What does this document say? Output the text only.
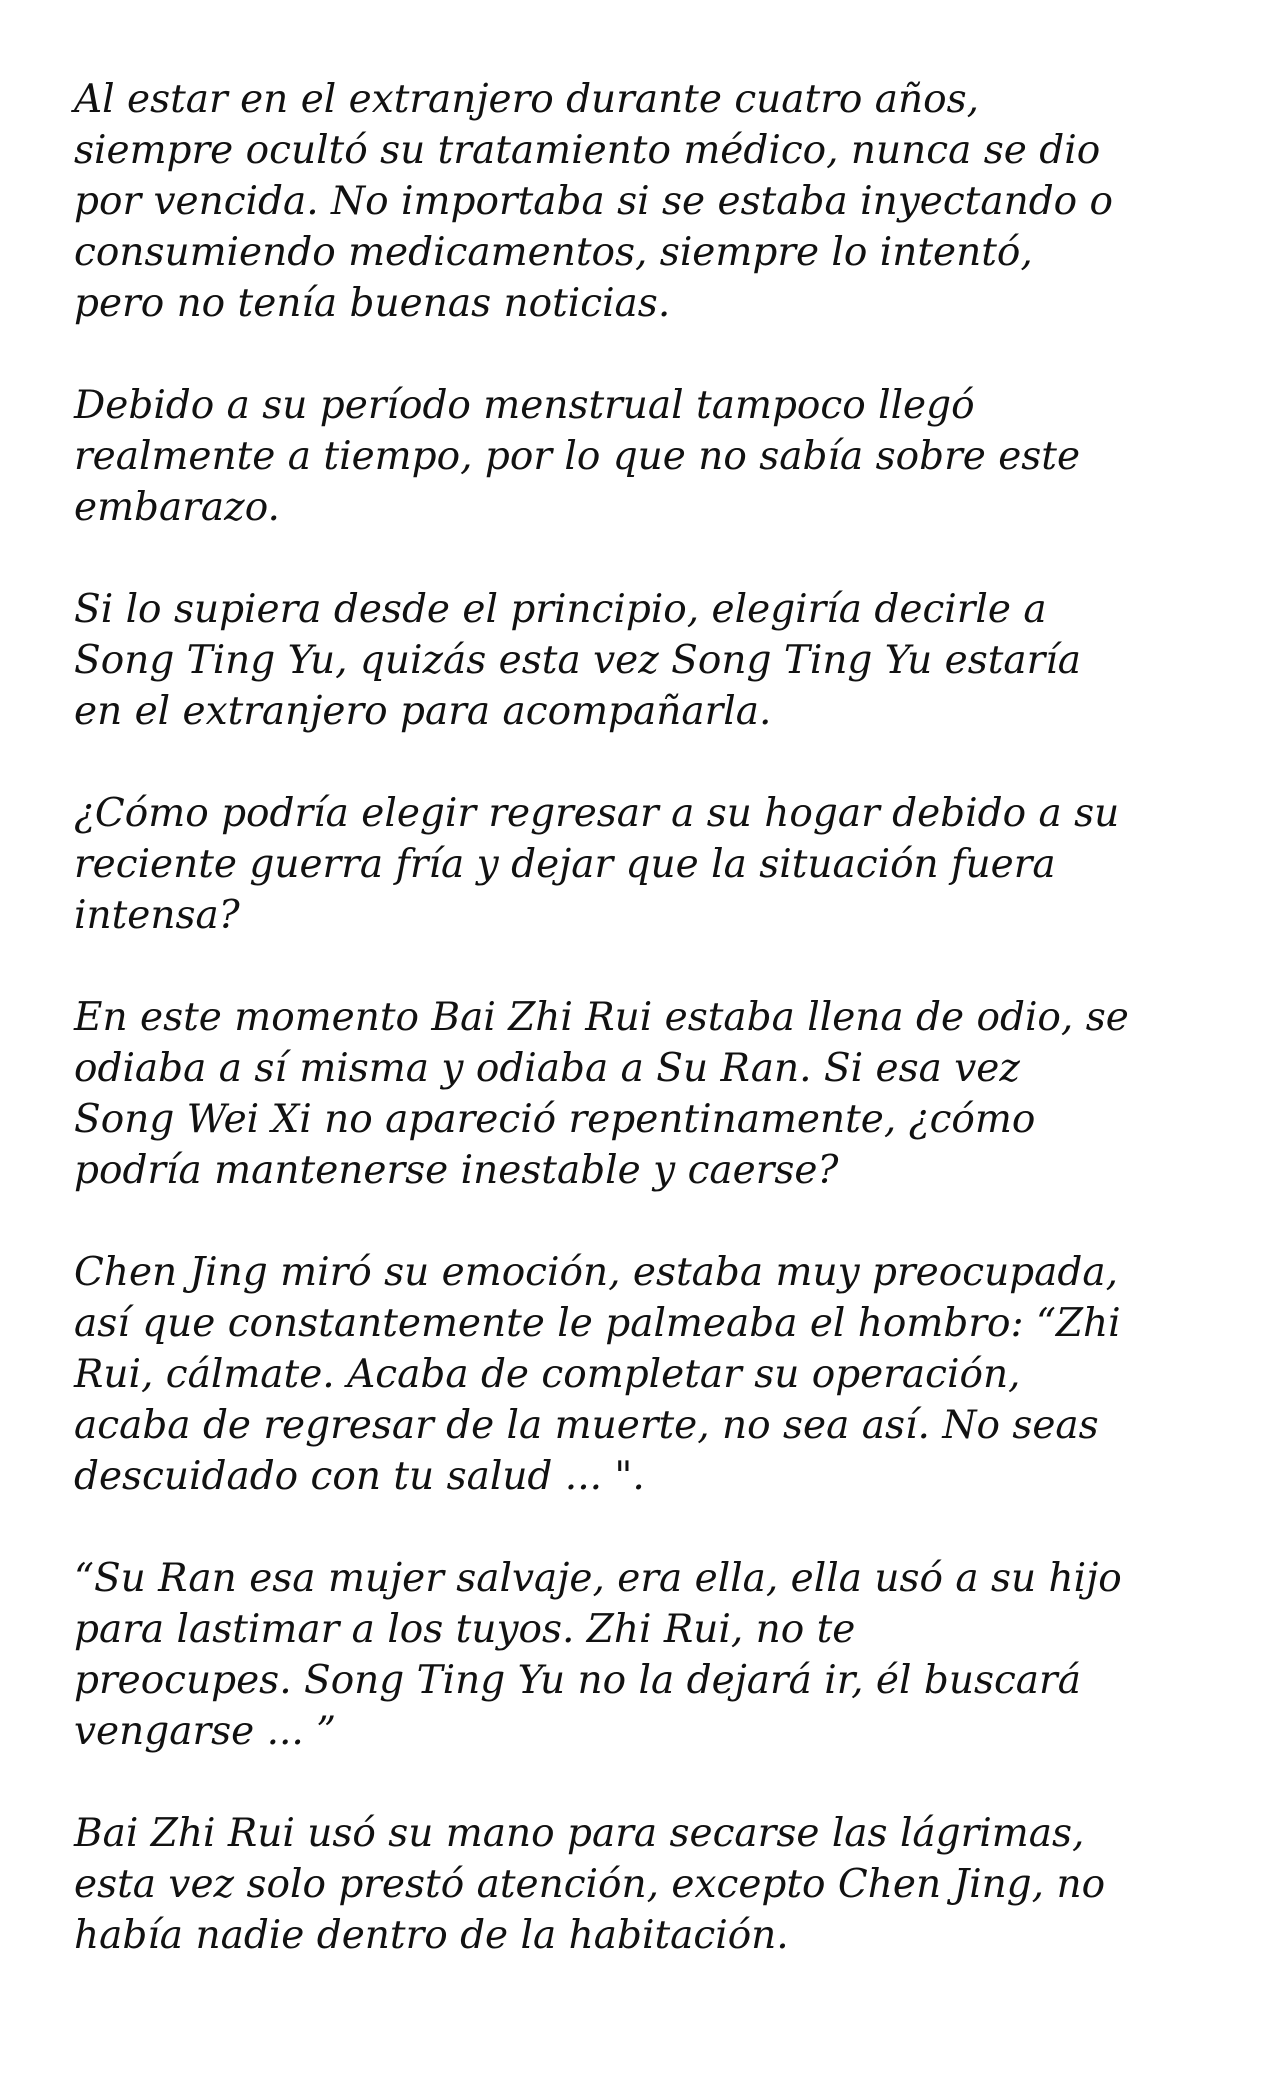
Al estar en el extranjero durante cuatro años,
siempre ocultó su tratamiento médico, nunca se dio
por vencida. No importaba si se estaba inyectando o
consumiendo medicamentos, siempre lo intentó,
pero no tenía buenas noticias.

Debido a su período menstrual tampoco llegó
realmente a tiempo, por lo que no sabía sobre este
embarazo.

Si lo supiera desde el principio, elegiría decirle a
Song Ting Yu, quizás esta vez Song Ting Yu estaría
en el extranjero para acompañarla.

¿Cómo podría elegir regresar a su hogar debido a su
reciente guerra fría y dejar que la situación fuera
intensa?

En este momento Bai Zhi Rui estaba llena de odio, se
odiaba a sí misma y odiaba a Su Ran. Si esa vez
Song Wei Xi no apareció repentinamente, ¿cómo
podría mantenerse inestable y caerse?

Chen Jing miró su emoción, estaba muy preocupada,
así que constantemente le palmeaba el hombro: “Zhi
Rui, cálmate. Acaba de completar su operación,
acaba de regresar de la muerte, no sea así. No seas
descuidado con tu salud ... ".

“Su Ran esa mujer salvaje, era ella, ella usó a su hijo
para lastimar a los tuyos. Zhi Rui, no te
preocupes. Song Ting Yu no la dejará ir, él buscará
vengarse ... ”

Bai Zhi Rui usó su mano para secarse las lágrimas,
esta vez solo prestó atención, excepto Chen Jing, no
había nadie dentro de la habitación.
